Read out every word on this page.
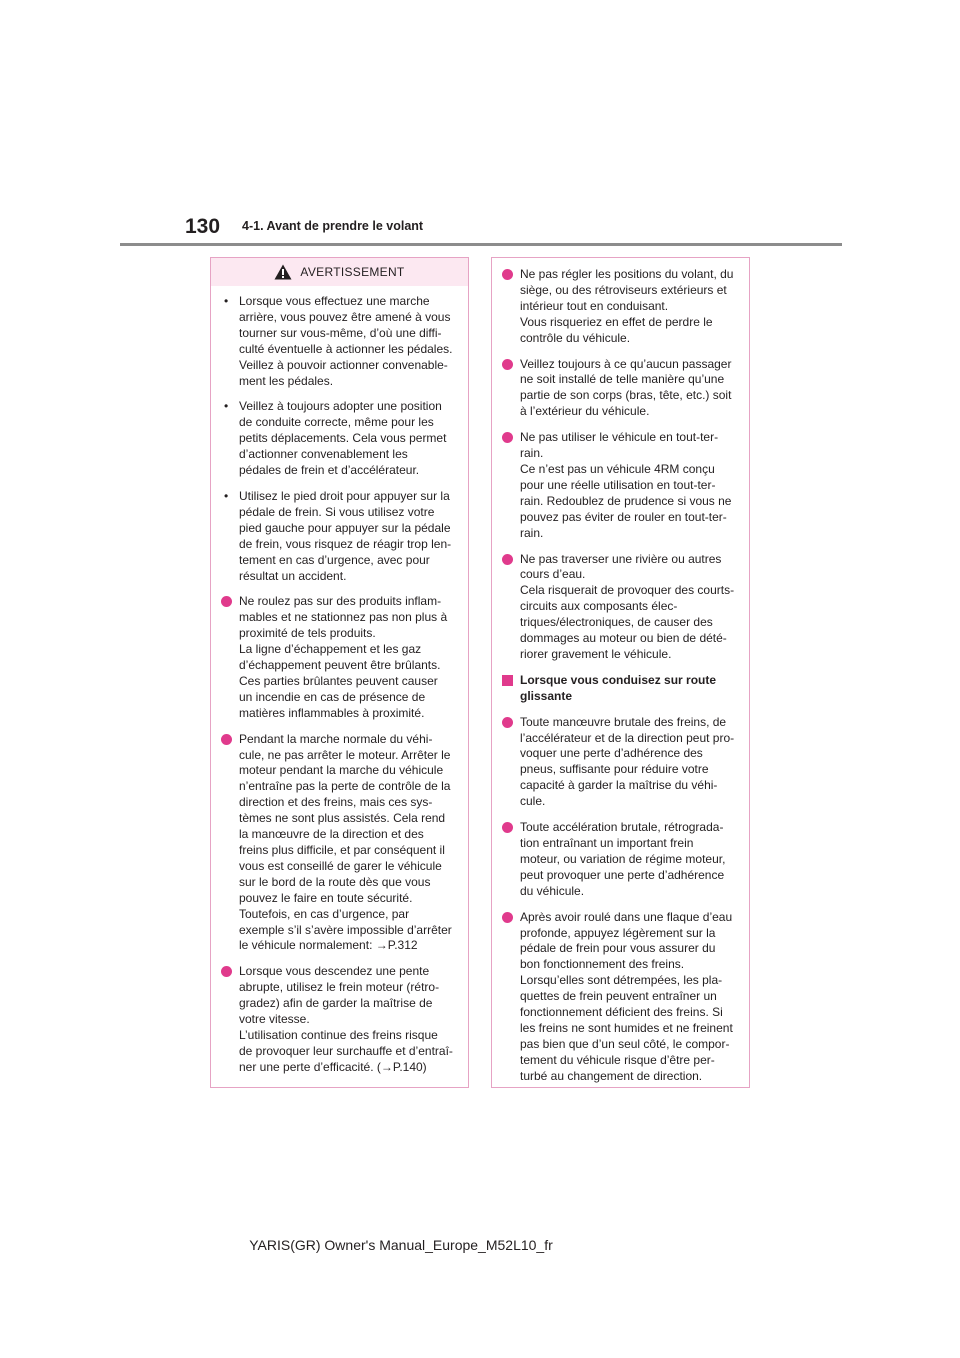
130 4-1. Avant de prendre le volant
AVERTISSEMENT
• Lorsque vous effectuez une marche
arrière, vous pouvez être amené à vous
tourner sur vous-même, d’où une diffi-
culté éventuelle à actionner les pédales.
Veillez à pouvoir actionner convenable-
ment les pédales.

• Veillez à toujours adopter une position
de conduite correcte, même pour les
petits déplacements. Cela vous permet
d’actionner convenablement les
pédales de frein et d’accélérateur.

• Utilisez le pied droit pour appuyer sur la
pédale de frein. Si vous utilisez votre
pied gauche pour appuyer sur la pédale
de frein, vous risquez de réagir trop len-
tement en cas d’urgence, avec pour
résultat un accident.

Ne roulez pas sur des produits inflam-
mables et ne stationnez pas non plus à
proximité de tels produits.
La ligne d’échappement et les gaz
d’échappement peuvent être brûlants.
Ces parties brûlantes peuvent causer
un incendie en cas de présence de
matières inflammables à proximité.

Pendant la marche normale du véhi-
cule, ne pas arrêter le moteur. Arrêter le
moteur pendant la marche du véhicule
n’entraîne pas la perte de contrôle de la
direction et des freins, mais ces sys-
tèmes ne sont plus assistés. Cela rend
la manœuvre de la direction et des
freins plus difficile, et par conséquent il
vous est conseillé de garer le véhicule
sur le bord de la route dès que vous
pouvez le faire en toute sécurité.
Toutefois, en cas d’urgence, par
exemple s’il s’avère impossible d’arrêter
le véhicule normalement: →P.312

Lorsque vous descendez une pente
abrupte, utilisez le frein moteur (rétro-
gradez) afin de garder la maîtrise de
votre vitesse.
L’utilisation continue des freins risque
de provoquer leur surchauffe et d’entraî-
ner une perte d’efficacité. (→P.140)

Ne pas régler les positions du volant, du
siège, ou des rétroviseurs extérieurs et
intérieur tout en conduisant.
Vous risqueriez en effet de perdre le
contrôle du véhicule.

Veillez toujours à ce qu’aucun passager
ne soit installé de telle manière qu’une
partie de son corps (bras, tête, etc.) soit
à l’extérieur du véhicule.

Ne pas utiliser le véhicule en tout-ter-
rain.
Ce n’est pas un véhicule 4RM conçu
pour une réelle utilisation en tout-ter-
rain. Redoublez de prudence si vous ne
pouvez pas éviter de rouler en tout-ter-
rain.

Ne pas traverser une rivière ou autres
cours d’eau.
Cela risquerait de provoquer des courts-
circuits aux composants élec-
triques/électroniques, de causer des
dommages au moteur ou bien de dété-
riorer gravement le véhicule.

Lorsque vous conduisez sur route
glissante

Toute manœuvre brutale des freins, de
l’accélérateur et de la direction peut pro-
voquer une perte d’adhérence des
pneus, suffisante pour réduire votre
capacité à garder la maîtrise du véhi-
cule.

Toute accélération brutale, rétrograda-
tion entraînant un important frein
moteur, ou variation de régime moteur,
peut provoquer une perte d’adhérence
du véhicule.

Après avoir roulé dans une flaque d’eau
profonde, appuyez légèrement sur la
pédale de frein pour vous assurer du
bon fonctionnement des freins.
Lorsqu’elles sont détrempées, les pla-
quettes de frein peuvent entraîner un
fonctionnement déficient des freins. Si
les freins ne sont humides et ne freinent
pas bien que d’un seul côté, le compor-
tement du véhicule risque d’être per-
turbé au changement de direction.

YARIS(GR) Owner's Manual_Europe_M52L10_fr
